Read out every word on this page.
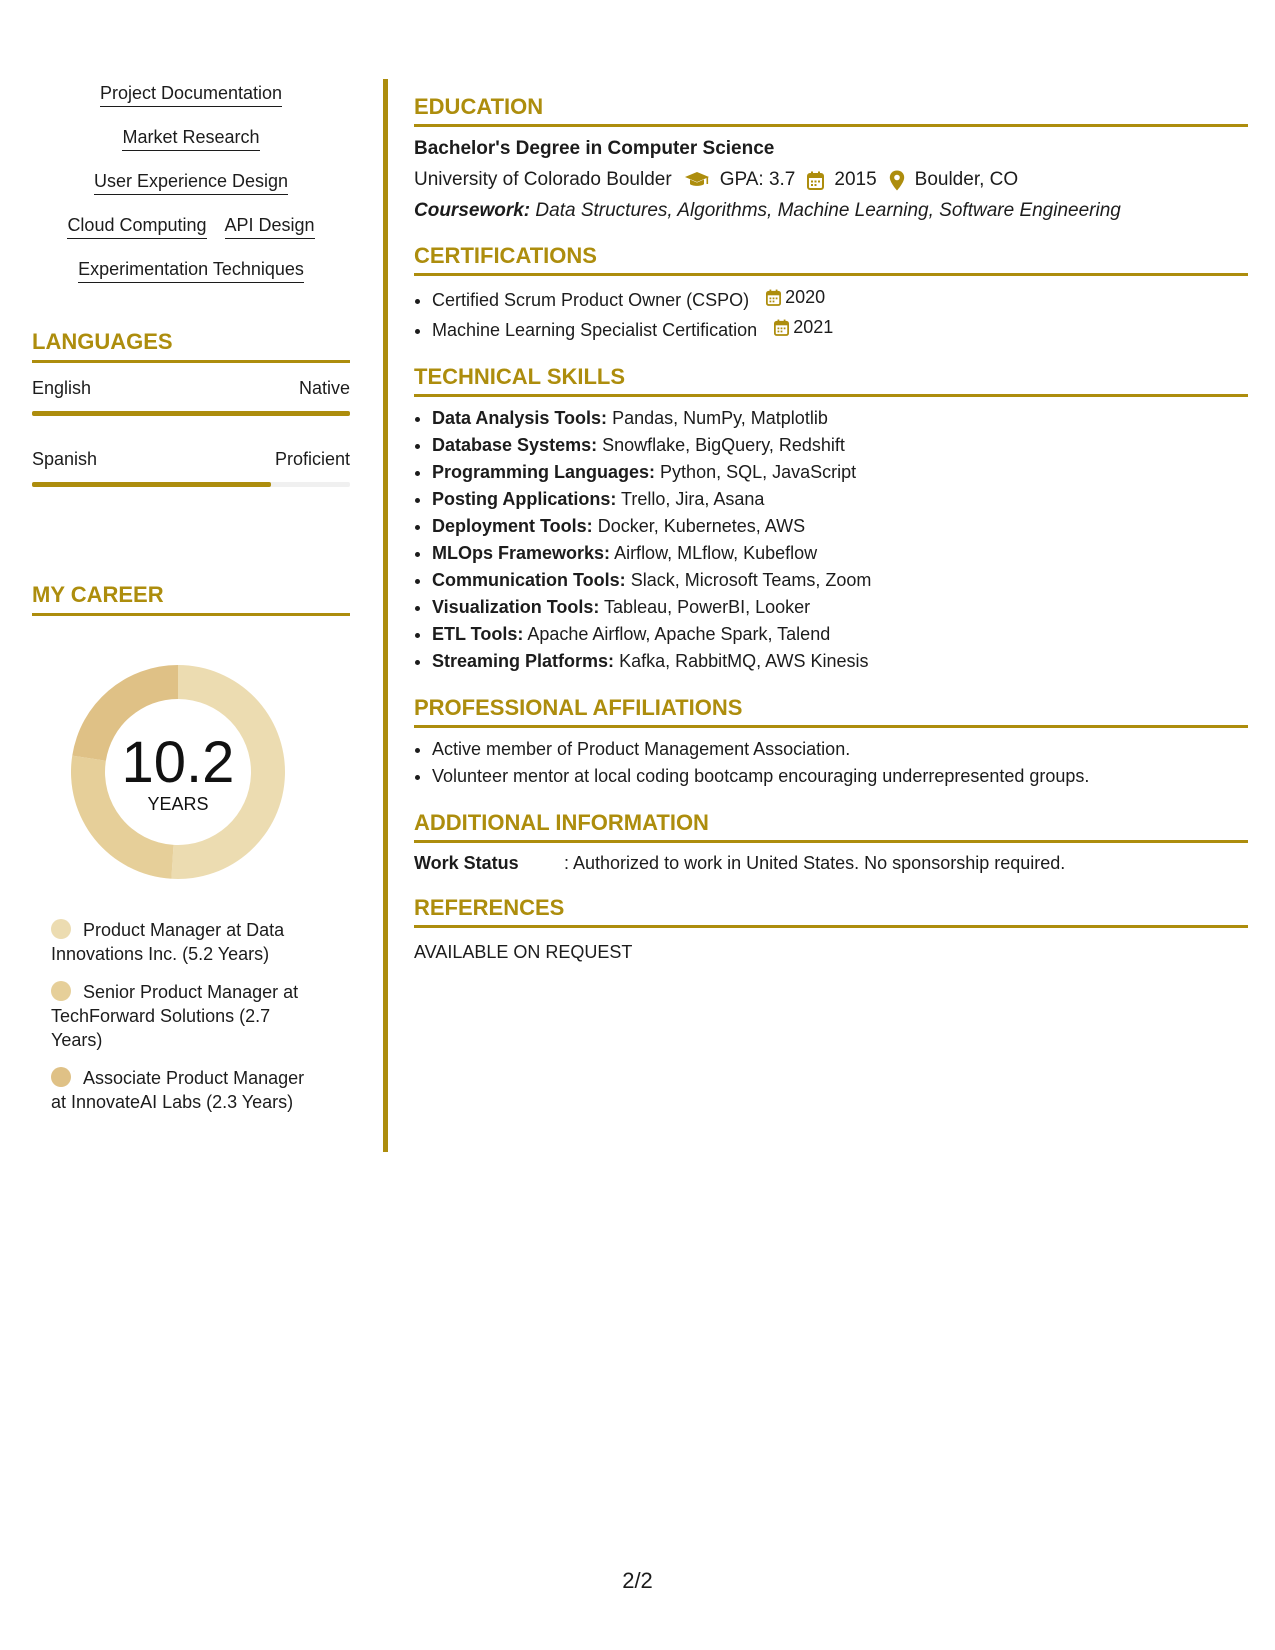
Project Documentation
Market Research
User Experience Design
Cloud Computing API Design
Experimentation Techniques
LANGUAGES
English	Native
Spanish	Proficient
MY CAREER
10.2
YEARS
Product Manager at Data Innovations Inc. (5.2 Years)
Senior Product Manager at TechForward Solutions (2.7 Years)
Associate Product Manager at InnovateAI Labs (2.3 Years)
EDUCATION
Bachelor's Degree in Computer Science
University of Colorado Boulder	GPA: 3.7 2015 Boulder, CO
Coursework: Data Structures, Algorithms, Machine Learning, Software Engineering
CERTIFICATIONS
• Certified Scrum Product Owner (CSPO) 2020
• Machine Learning Specialist Certification 2021
TECHNICAL SKILLS
• Data Analysis Tools: Pandas, NumPy, Matplotlib
• Database Systems: Snowflake, BigQuery, Redshift
• Programming Languages: Python, SQL, JavaScript
• Posting Applications: Trello, Jira, Asana
• Deployment Tools: Docker, Kubernetes, AWS
• MLOps Frameworks: Airflow, MLflow, Kubeflow
• Communication Tools: Slack, Microsoft Teams, Zoom
• Visualization Tools: Tableau, PowerBI, Looker
• ETL Tools: Apache Airflow, Apache Spark, Talend
• Streaming Platforms: Kafka, RabbitMQ, AWS Kinesis
PROFESSIONAL AFFILIATIONS
• Active member of Product Management Association.
• Volunteer mentor at local coding bootcamp encouraging underrepresented groups.
ADDITIONAL INFORMATION
Work Status	: Authorized to work in United States. No sponsorship required.
REFERENCES
AVAILABLE ON REQUEST
2/2
